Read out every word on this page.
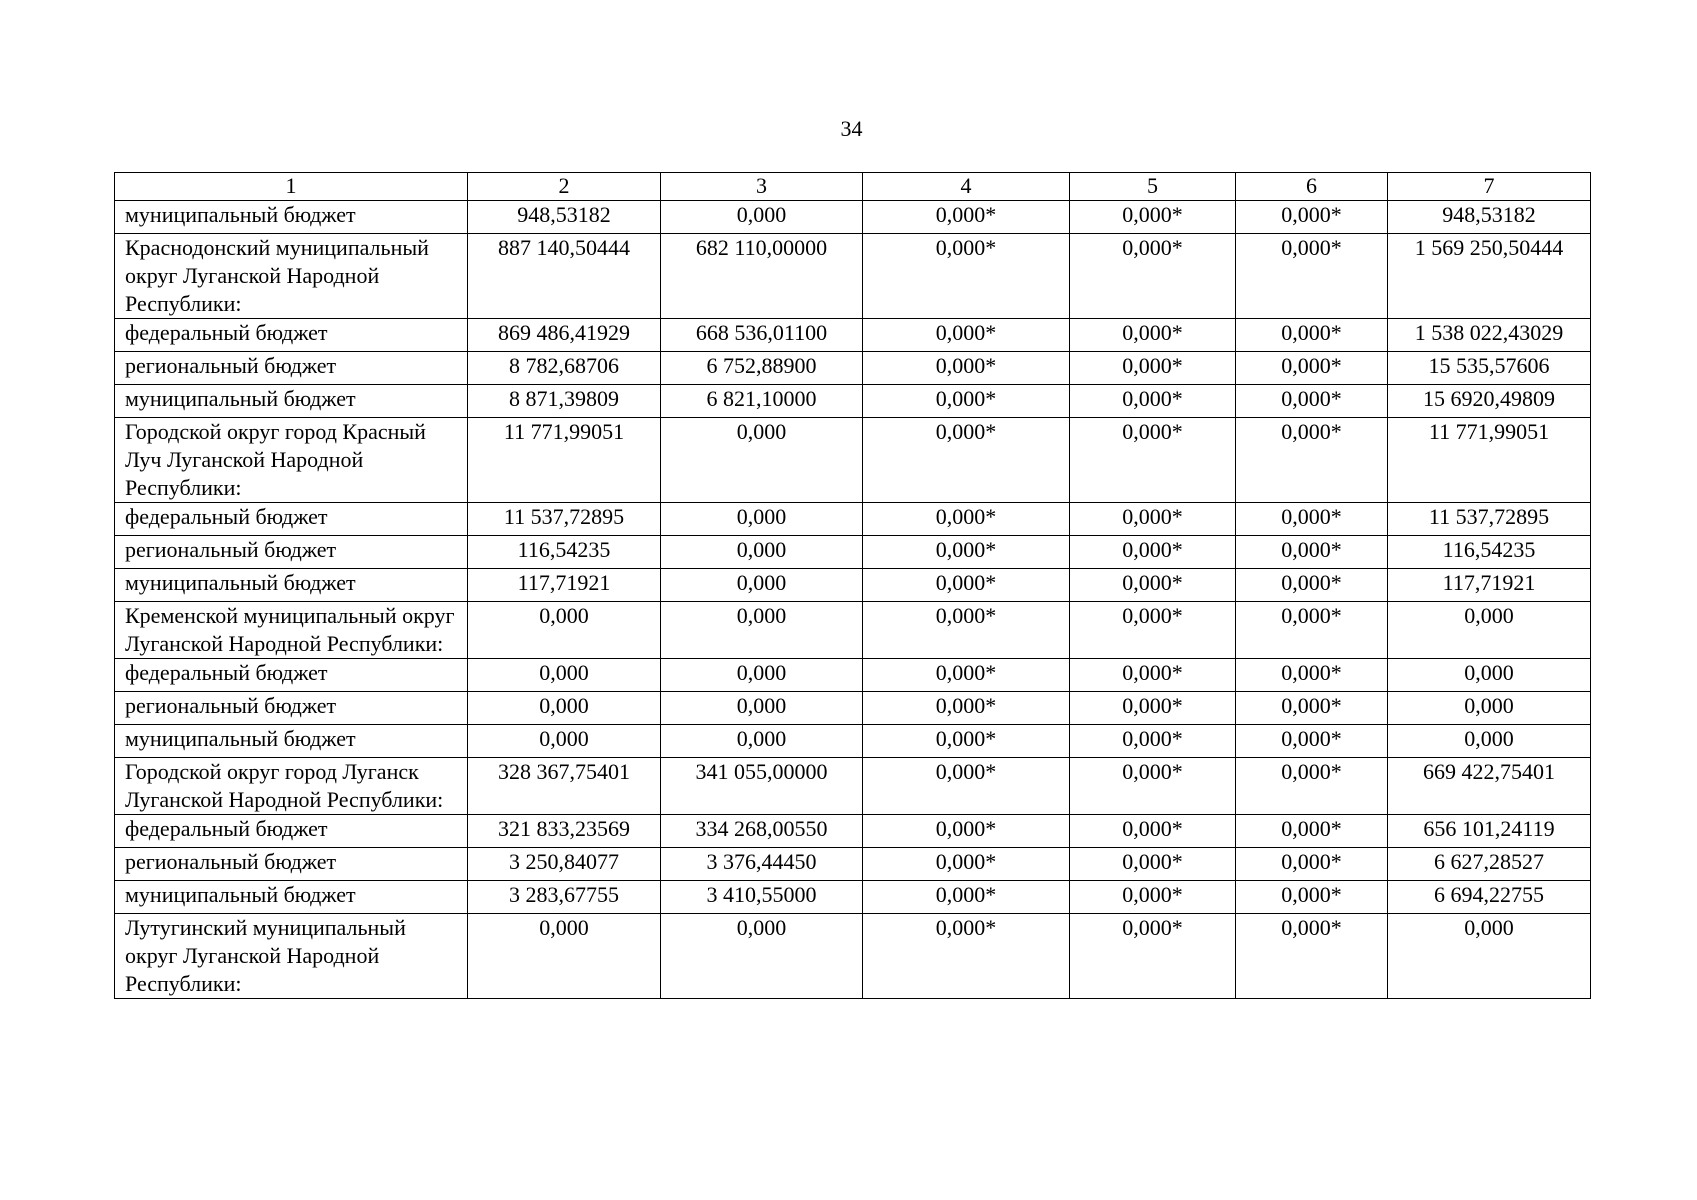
34
1	2	3	4	5	6	7
муниципальный бюджет	948,53182	0,000	0,000*	0,000*	0,000*	948,53182
Краснодонский муниципальный округ Луганской Народной Республики:	887 140,50444	682 110,00000	0,000*	0,000*	0,000*	1 569 250,50444
федеральный бюджет	869 486,41929	668 536,01100	0,000*	0,000*	0,000*	1 538 022,43029
региональный бюджет	8 782,68706	6 752,88900	0,000*	0,000*	0,000*	15 535,57606
муниципальный бюджет	8 871,39809	6 821,10000	0,000*	0,000*	0,000*	15 6920,49809
Городской округ город Красный Луч Луганской Народной Республики:	11 771,99051	0,000	0,000*	0,000*	0,000*	11 771,99051
федеральный бюджет	11 537,72895	0,000	0,000*	0,000*	0,000*	11 537,72895
региональный бюджет	116,54235	0,000	0,000*	0,000*	0,000*	116,54235
муниципальный бюджет	117,71921	0,000	0,000*	0,000*	0,000*	117,71921
Кременской муниципальный округ Луганской Народной Республики:	0,000	0,000	0,000*	0,000*	0,000*	0,000
федеральный бюджет	0,000	0,000	0,000*	0,000*	0,000*	0,000
региональный бюджет	0,000	0,000	0,000*	0,000*	0,000*	0,000
муниципальный бюджет	0,000	0,000	0,000*	0,000*	0,000*	0,000
Городской округ город Луганск Луганской Народной Республики:	328 367,75401	341 055,00000	0,000*	0,000*	0,000*	669 422,75401
федеральный бюджет	321 833,23569	334 268,00550	0,000*	0,000*	0,000*	656 101,24119
региональный бюджет	3 250,84077	3 376,44450	0,000*	0,000*	0,000*	6 627,28527
муниципальный бюджет	3 283,67755	3 410,55000	0,000*	0,000*	0,000*	6 694,22755
Лутугинский муниципальный округ Луганской Народной Республики:	0,000	0,000	0,000*	0,000*	0,000*	0,000
